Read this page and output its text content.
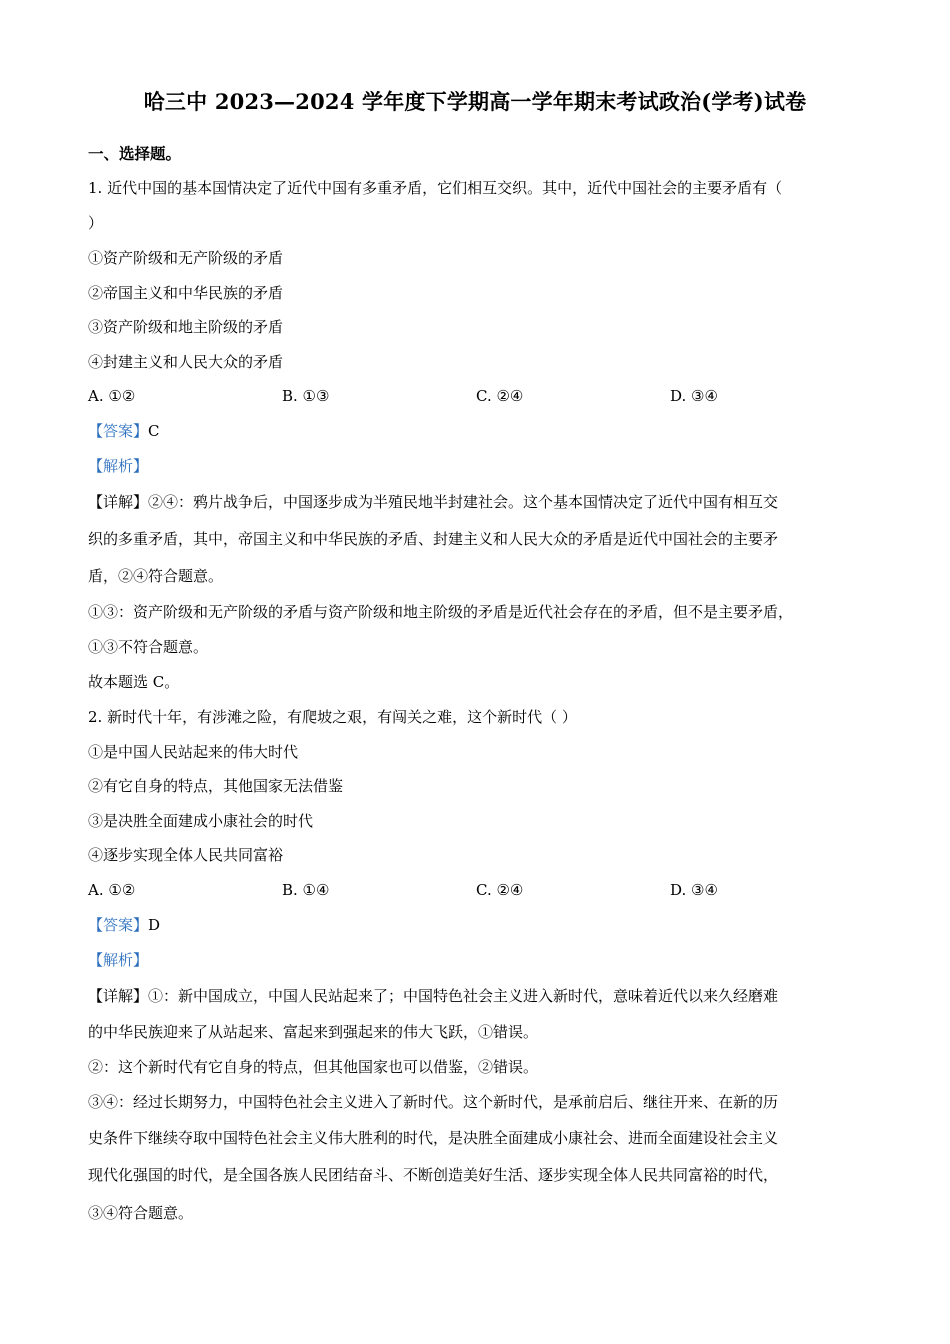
哈三中 2023—2024 学年度下学期高一学年期末考试政治(学考)试卷
一、选择题。
1. 近代中国的基本国情决定了近代中国有多重矛盾，它们相互交织。其中，近代中国社会的主要矛盾有（
）
①资产阶级和无产阶级的矛盾
②帝国主义和中华民族的矛盾
③资产阶级和地主阶级的矛盾
④封建主义和人民大众的矛盾
A. ①②	B. ①③	C. ②④	D. ③④
【答案】C
【解析】
【详解】②④：鸦片战争后，中国逐步成为半殖民地半封建社会。这个基本国情决定了近代中国有相互交
织的多重矛盾，其中，帝国主义和中华民族的矛盾、封建主义和人民大众的矛盾是近代中国社会的主要矛
盾，②④符合题意。
①③：资产阶级和无产阶级的矛盾与资产阶级和地主阶级的矛盾是近代社会存在的矛盾，但不是主要矛盾，
①③不符合题意。
故本题选 C。
2. 新时代十年，有涉滩之险，有爬坡之艰，有闯关之难，这个新时代（ ）
①是中国人民站起来的伟大时代
②有它自身的特点，其他国家无法借鉴
③是决胜全面建成小康社会的时代
④逐步实现全体人民共同富裕
A. ①②	B. ①④	C. ②④	D. ③④
【答案】D
【解析】
【详解】①：新中国成立，中国人民站起来了；中国特色社会主义进入新时代，意味着近代以来久经磨难
的中华民族迎来了从站起来、富起来到强起来的伟大飞跃，①错误。
②：这个新时代有它自身的特点，但其他国家也可以借鉴，②错误。
③④：经过长期努力，中国特色社会主义进入了新时代。这个新时代，是承前启后、继往开来、在新的历
史条件下继续夺取中国特色社会主义伟大胜利的时代，是决胜全面建成小康社会、进而全面建设社会主义
现代化强国的时代，是全国各族人民团结奋斗、不断创造美好生活、逐步实现全体人民共同富裕的时代，
③④符合题意。
